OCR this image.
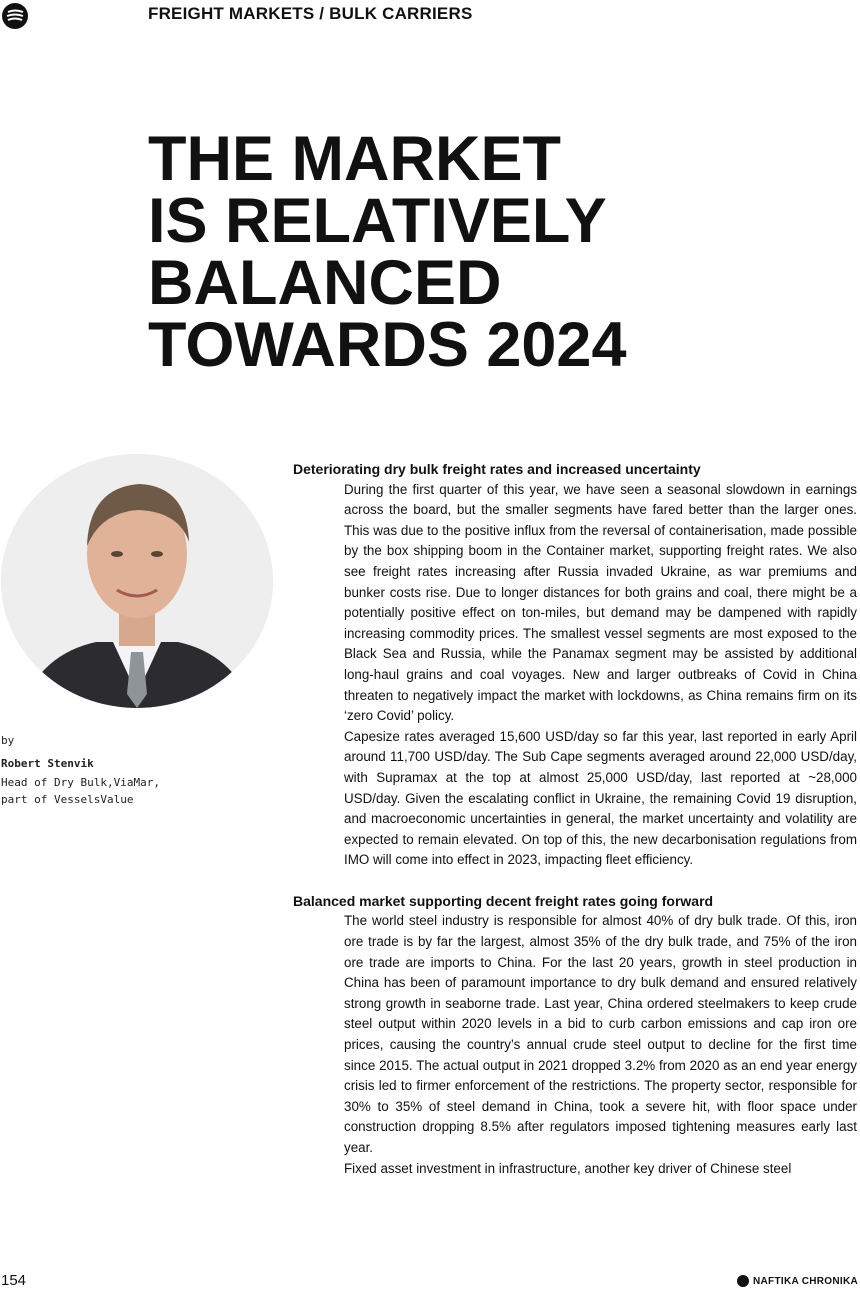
FREIGHT MARKETS / BULK CARRIERS
THE MARKET
IS RELATIVELY
BALANCED
TOWARDS 2024
by
Robert Stenvik
Head of Dry Bulk,ViaMar,
part of VesselsValue
Deteriorating dry bulk freight rates and increased uncertainty

During the first quarter of this year, we have seen a seasonal slowdown in earnings across the board, but the smaller segments have fared better than the larger ones. This was due to the positive influx from the reversal of containerisation, made possible by the box shipping boom in the Container market, supporting freight rates. We also see freight rates increasing after Russia invaded Ukraine, as war premiums and bunker costs rise. Due to longer distances for both grains and coal, there might be a potentially positive effect on ton-miles, but demand may be dampened with rapidly increasing commodity prices. The smallest vessel segments are most exposed to the Black Sea and Russia, while the Panamax segment may be assisted by additional long-haul grains and coal voyages. New and larger outbreaks of Covid in China threaten to negatively impact the market with lockdowns, as China remains firm on its ‘zero Covid’ policy.

Capesize rates averaged 15,600 USD/day so far this year, last reported in early April around 11,700 USD/day. The Sub Cape segments averaged around 22,000 USD/day, with Supramax at the top at almost 25,000 USD/day, last reported at ~28,000 USD/day. Given the escalating conflict in Ukraine, the remaining Covid 19 disruption, and macroeconomic uncertainties in general, the market uncertainty and volatility are expected to remain elevated. On top of this, the new decarbonisation regulations from IMO will come into effect in 2023, impacting fleet efficiency.

Balanced market supporting decent freight rates going forward

The world steel industry is responsible for almost 40% of dry bulk trade. Of this, iron ore trade is by far the largest, almost 35% of the dry bulk trade, and 75% of the iron ore trade are imports to China. For the last 20 years, growth in steel production in China has been of paramount importance to dry bulk demand and ensured relatively strong growth in seaborne trade. Last year, China ordered steelmakers to keep crude steel output within 2020 levels in a bid to curb carbon emissions and cap iron ore prices, causing the country’s annual crude steel output to decline for the first time since 2015. The actual output in 2021 dropped 3.2% from 2020 as an end year energy crisis led to firmer enforcement of the restrictions. The property sector, responsible for 30% to 35% of steel demand in China, took a severe hit, with floor space under construction dropping 8.5% after regulators imposed tightening measures early last year.

Fixed asset investment in infrastructure, another key driver of Chinese steel

154	NAFTIKA CHRONIKA
